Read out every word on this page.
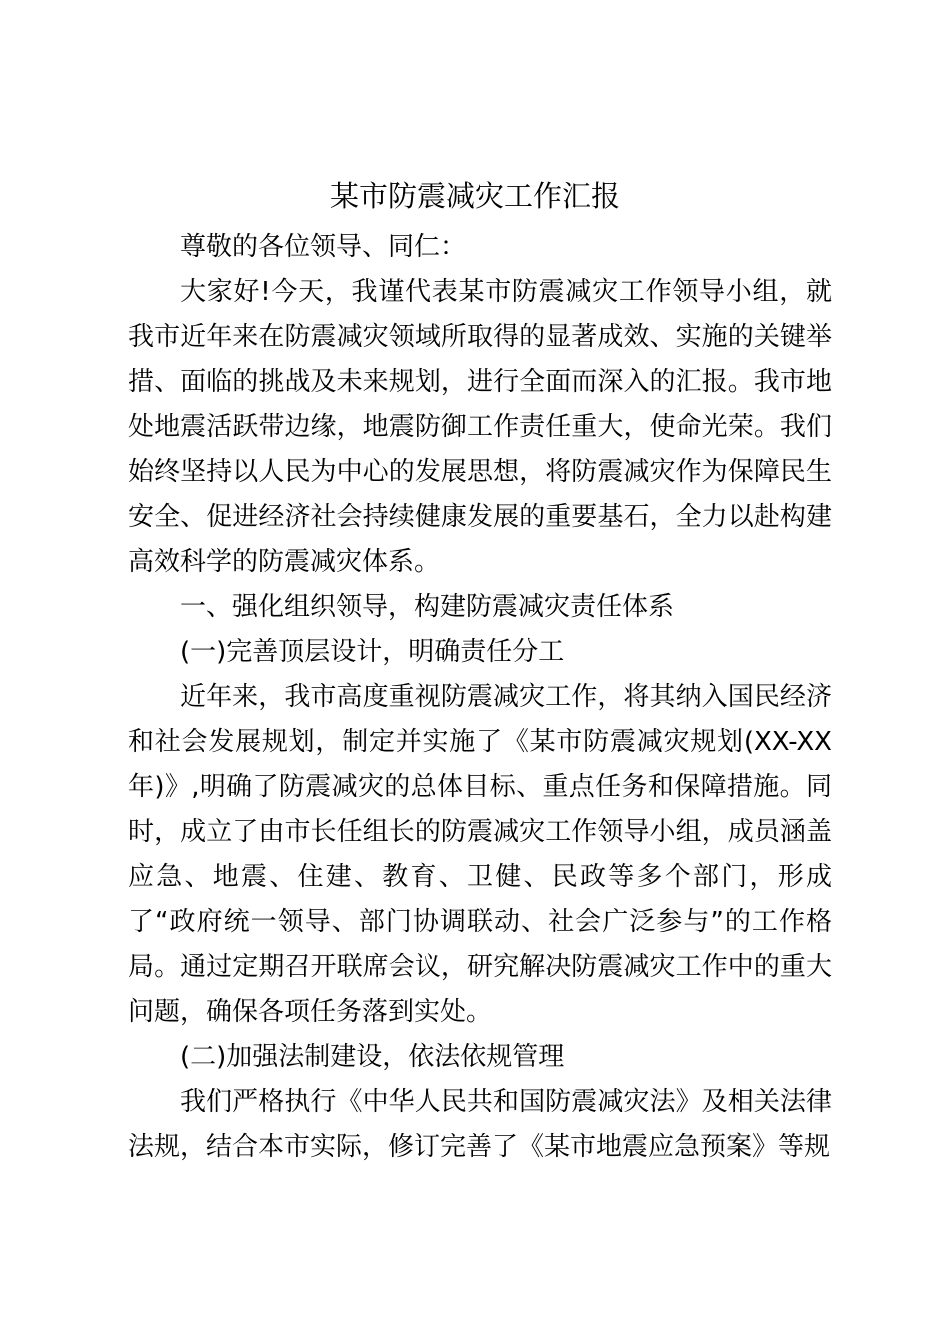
某市防震减灾工作汇报

尊敬的各位领导、同仁：

大家好!今天，我谨代表某市防震减灾工作领导小组，就我市近年来在防震减灾领域所取得的显著成效、实施的关键举措、面临的挑战及未来规划，进行全面而深入的汇报。我市地处地震活跃带边缘，地震防御工作责任重大，使命光荣。我们始终坚持以人民为中心的发展思想，将防震减灾作为保障民生安全、促进经济社会持续健康发展的重要基石，全力以赴构建高效科学的防震减灾体系。

一、强化组织领导，构建防震减灾责任体系

(一)完善顶层设计，明确责任分工

近年来，我市高度重视防震减灾工作，将其纳入国民经济和社会发展规划，制定并实施了《某市防震减灾规划(XX-XX年)》,明确了防震减灾的总体目标、重点任务和保障措施。同时，成立了由市长任组长的防震减灾工作领导小组，成员涵盖应急、地震、住建、教育、卫健、民政等多个部门，形成了“政府统一领导、部门协调联动、社会广泛参与”的工作格局。通过定期召开联席会议，研究解决防震减灾工作中的重大问题，确保各项任务落到实处。

(二)加强法制建设，依法依规管理

我们严格执行《中华人民共和国防震减灾法》及相关法律法规，结合本市实际，修订完善了《某市地震应急预案》等规
